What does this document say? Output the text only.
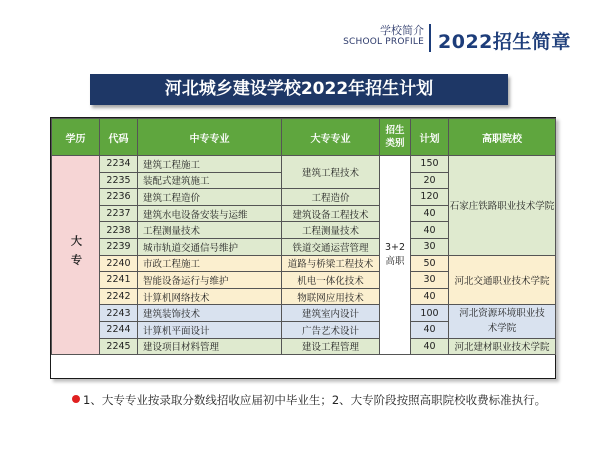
学校简介
SCHOOL PROFILE 2022招生简章
河北城乡建设学校2022年招生计划
学历	代码	中专专业	大专专业	招生类别	计划	高职院校
大专	2234	建筑工程施工	建筑工程技术	3+2高职	150	石家庄铁路职业技术学院
	2235	装配式建筑施工			20	
	2236	建筑工程造价	工程造价		120	
	2237	建筑水电设备安装与运维	建筑设备工程技术		40	
	2238	工程测量技术	工程测量技术		40	
	2239	城市轨道交通信号维护	铁道交通运营管理		30	
	2240	市政工程施工	道路与桥梁工程技术		50	河北交通职业技术学院
	2241	智能设备运行与维护	机电一体化技术		30	
	2242	计算机网络技术	物联网应用技术		40	
	2243	建筑装饰技术	建筑室内设计		100	河北资源环境职业技术学院
	2244	计算机平面设计	广告艺术设计		40	
	2245	建设项目材料管理	建设工程管理		40	河北建材职业技术学院
1、大专专业按录取分数线招收应届初中毕业生；2、大专阶段按照高职院校收费标准执行。
